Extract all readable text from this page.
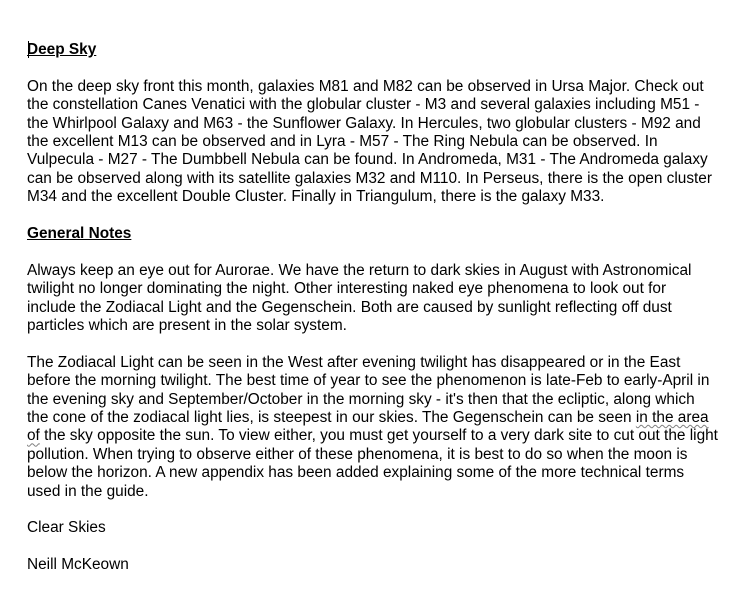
Deep Sky

On the deep sky front this month, galaxies M81 and M82 can be observed in Ursa Major. Check out the constellation Canes Venatici with the globular cluster - M3 and several galaxies including M51 - the Whirlpool Galaxy and M63 - the Sunflower Galaxy. In Hercules, two globular clusters - M92 and the excellent M13 can be observed and in Lyra - M57 - The Ring Nebula can be observed. In Vulpecula - M27 - The Dumbbell Nebula can be found. In Andromeda, M31 - The Andromeda galaxy can be observed along with its satellite galaxies M32 and M110. In Perseus, there is the open cluster M34 and the excellent Double Cluster. Finally in Triangulum, there is the galaxy M33.

General Notes

Always keep an eye out for Aurorae. We have the return to dark skies in August with Astronomical twilight no longer dominating the night. Other interesting naked eye phenomena to look out for include the Zodiacal Light and the Gegenschein. Both are caused by sunlight reflecting off dust particles which are present in the solar system.

The Zodiacal Light can be seen in the West after evening twilight has disappeared or in the East before the morning twilight. The best time of year to see the phenomenon is late-Feb to early-April in the evening sky and September/October in the morning sky - it's then that the ecliptic, along which the cone of the zodiacal light lies, is steepest in our skies. The Gegenschein can be seen in the area of the sky opposite the sun. To view either, you must get yourself to a very dark site to cut out the light pollution. When trying to observe either of these phenomena, it is best to do so when the moon is below the horizon. A new appendix has been added explaining some of the more technical terms used in the guide.

Clear Skies

Neill McKeown
